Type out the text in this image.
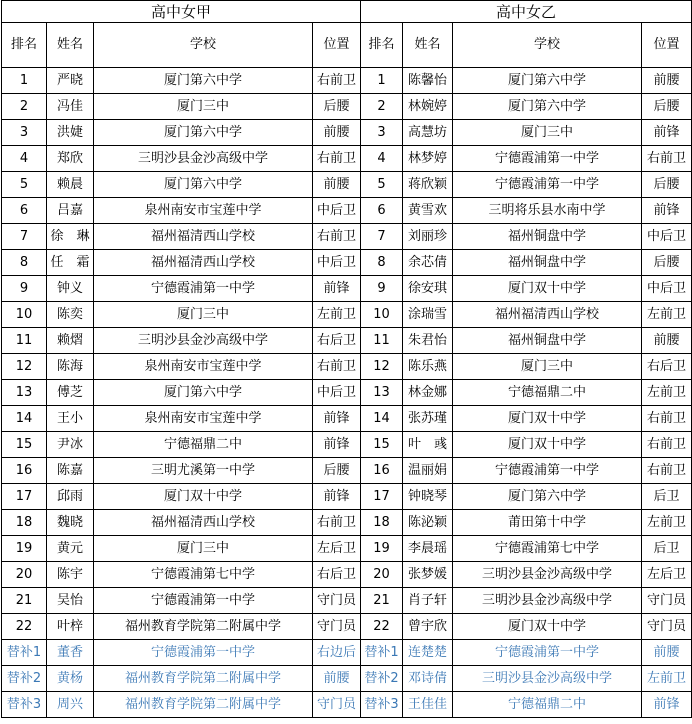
高中女甲				高中女乙			
排名	姓名	学校	位置	排名	姓名	学校	位置
1	严晓	厦门第六中学	右前卫	1	陈馨怡	厦门第六中学	前腰
2	冯佳	厦门三中	后腰	2	林婉婷	厦门第六中学	后腰
3	洪婕	厦门第六中学	前腰	3	高慧坊	厦门三中	前锋
4	郑欣	三明沙县金沙高级中学	右前卫	4	林梦婷	宁德霞浦第一中学	右前卫
5	赖晨	厦门第六中学	前腰	5	蒋欣颖	宁德霞浦第一中学	后腰
6	吕嘉	泉州南安市宝莲中学	中后卫	6	黄雪欢	三明将乐县水南中学	前锋
7	徐　琳	福州福清西山学校	右前卫	7	刘丽珍	福州铜盘中学	中后卫
8	任　霜	福州福清西山学校	中后卫	8	余芯倩	福州铜盘中学	后腰
9	钟义	宁德霞浦第一中学	前锋	9	徐安琪	厦门双十中学	中后卫
10	陈奕	厦门三中	左前卫	10	涂瑞雪	福州福清西山学校	左前卫
11	赖熠	三明沙县金沙高级中学	右后卫	11	朱君怡	福州铜盘中学	前腰
12	陈海	泉州南安市宝莲中学	右前卫	12	陈乐燕	厦门三中	右后卫
13	傅芝	厦门第六中学	中后卫	13	林金娜	宁德福鼎二中	左前卫
14	王小	泉州南安市宝莲中学	前锋	14	张苏瑾	厦门双十中学	右前卫
15	尹冰	宁德福鼎二中	前锋	15	叶　彧	厦门双十中学	右前卫
16	陈嘉	三明尤溪第一中学	后腰	16	温丽娟	宁德霞浦第一中学	右前卫
17	邱雨	厦门双十中学	前锋	17	钟晓琴	厦门第六中学	后卫
18	魏晓	福州福清西山学校	右前卫	18	陈泌颖	莆田第十中学	左前卫
19	黄元	厦门三中	左后卫	19	李晨瑶	宁德霞浦第七中学	后卫
20	陈宇	宁德霞浦第七中学	右后卫	20	张梦媛	三明沙县金沙高级中学	左后卫
21	吴怡	宁德霞浦第一中学	守门员	21	肖子轩	三明沙县金沙高级中学	守门员
22	叶梓	福州教育学院第二附属中学	守门员	22	曾宇欣	厦门双十中学	守门员
替补1	董香	宁德霞浦第一中学	右边后	替补1	连楚楚	宁德霞浦第一中学	前腰
替补2	黄杨	福州教育学院第二附属中学	前腰	替补2	邓诗倩	三明沙县金沙高级中学	左前卫
替补3	周兴	福州教育学院第二附属中学	守门员	替补3	王佳佳	宁德福鼎二中	前锋
